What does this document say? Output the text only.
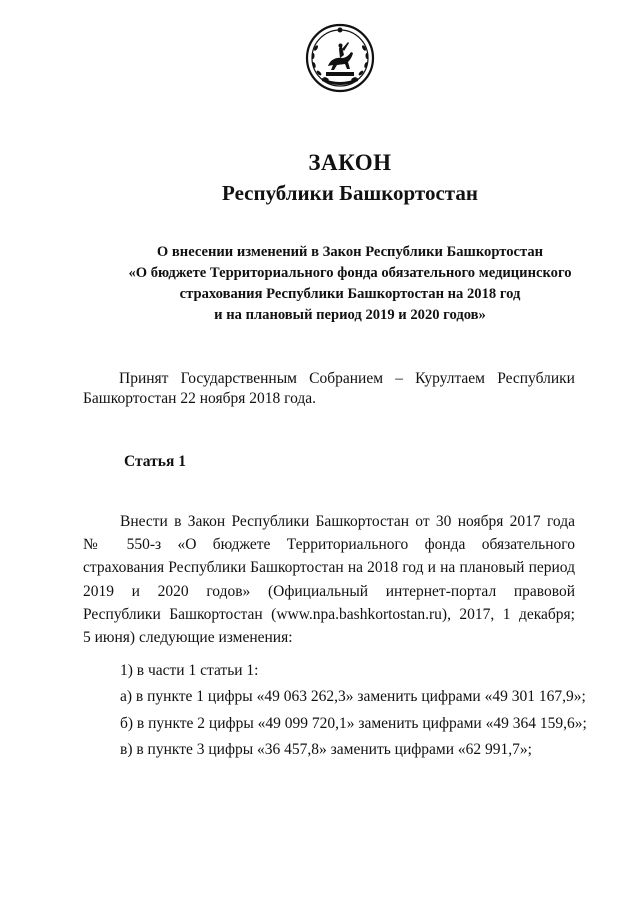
ЗАКОН
Республики Башкортостан
О внесении изменений в Закон Республики Башкортостан
«О бюджете Территориального фонда обязательного медицинского
страхования Республики Башкортостан на 2018 год
и на плановый период 2019 и 2020 годов»
Принят Государственным Собранием – Курултаем Республики
Башкортостан 22 ноября 2018 года.
Статья 1
Внести в Закон Республики Башкортостан от 30 ноября 2017 года
№ 550-з «О бюджете Территориального фонда обязательного
страхования Республики Башкортостан на 2018 год и на плановый период
2019 и 2020 годов» (Официальный интернет-портал правовой
Республики Башкортостан (www.npa.bashkortostan.ru), 2017, 1 декабря;
5 июня) следующие изменения:
1) в части 1 статьи 1:
а) в пункте 1 цифры «49 063 262,3» заменить цифрами «49 301 167,9»;
б) в пункте 2 цифры «49 099 720,1» заменить цифрами «49 364 159,6»;
в) в пункте 3 цифры «36 457,8» заменить цифрами «62 991,7»;
